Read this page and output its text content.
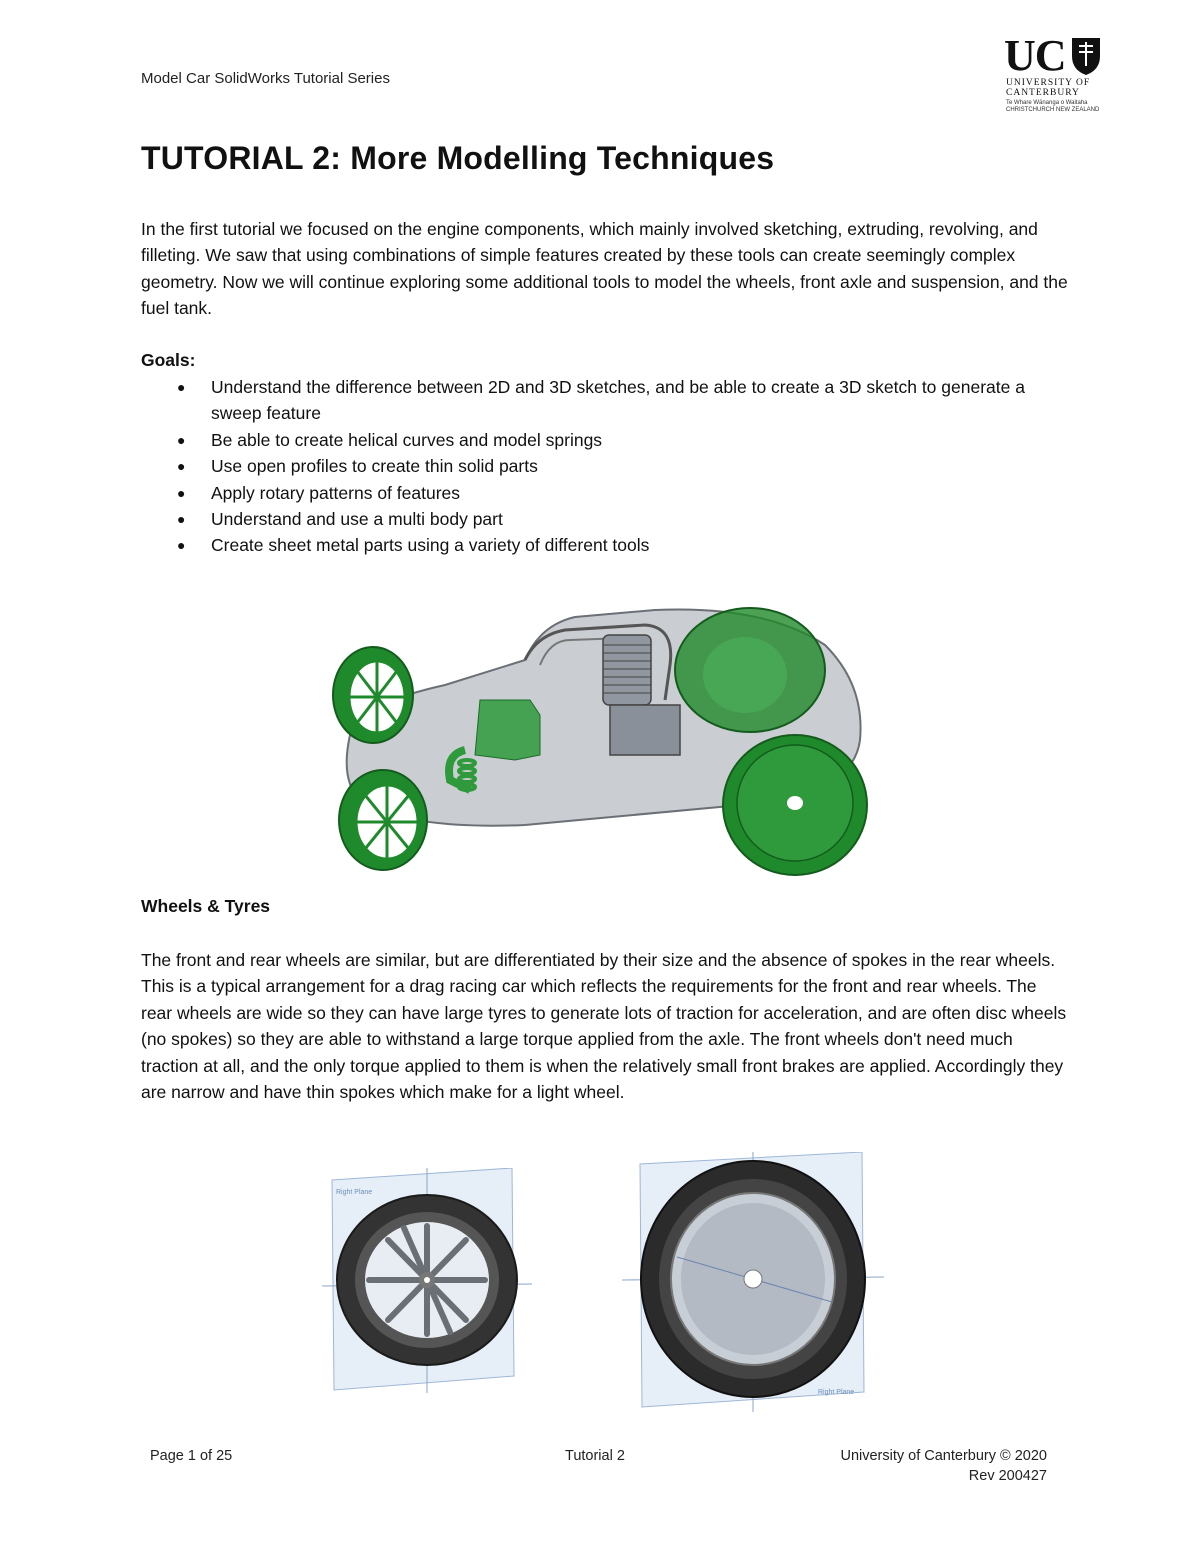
Model Car SolidWorks Tutorial Series	UC
UNIVERSITY OF
CANTERBURY
Te Whare Wānanga o Waitaha
CHRISTCHURCH NEW ZEALAND
TUTORIAL 2: More Modelling Techniques

In the first tutorial we focused on the engine components, which mainly involved sketching, extruding, revolving, and filleting. We saw that using combinations of simple features created by these tools can create seemingly complex geometry. Now we will continue exploring some additional tools to model the wheels, front axle and suspension, and the fuel tank.

Goals:
● Understand the difference between 2D and 3D sketches, and be able to create a 3D sketch to generate a sweep feature
● Be able to create helical curves and model springs
● Use open profiles to create thin solid parts
● Apply rotary patterns of features
● Understand and use a multi body part
● Create sheet metal parts using a variety of different tools
Wheels & Tyres

The front and rear wheels are similar, but are differentiated by their size and the absence of spokes in the rear wheels. This is a typical arrangement for a drag racing car which reflects the requirements for the front and rear wheels. The rear wheels are wide so they can have large tyres to generate lots of traction for acceleration, and are often disc wheels (no spokes) so they are able to withstand a large torque applied from the axle. The front wheels don't need much traction at all, and the only torque applied to them is when the relatively small front brakes are applied. Accordingly they are narrow and have thin spokes which make for a light wheel.

Right Plane
Right Plane
Page 1 of 25	Tutorial 2	University of Canterbury © 2020
Rev 200427
